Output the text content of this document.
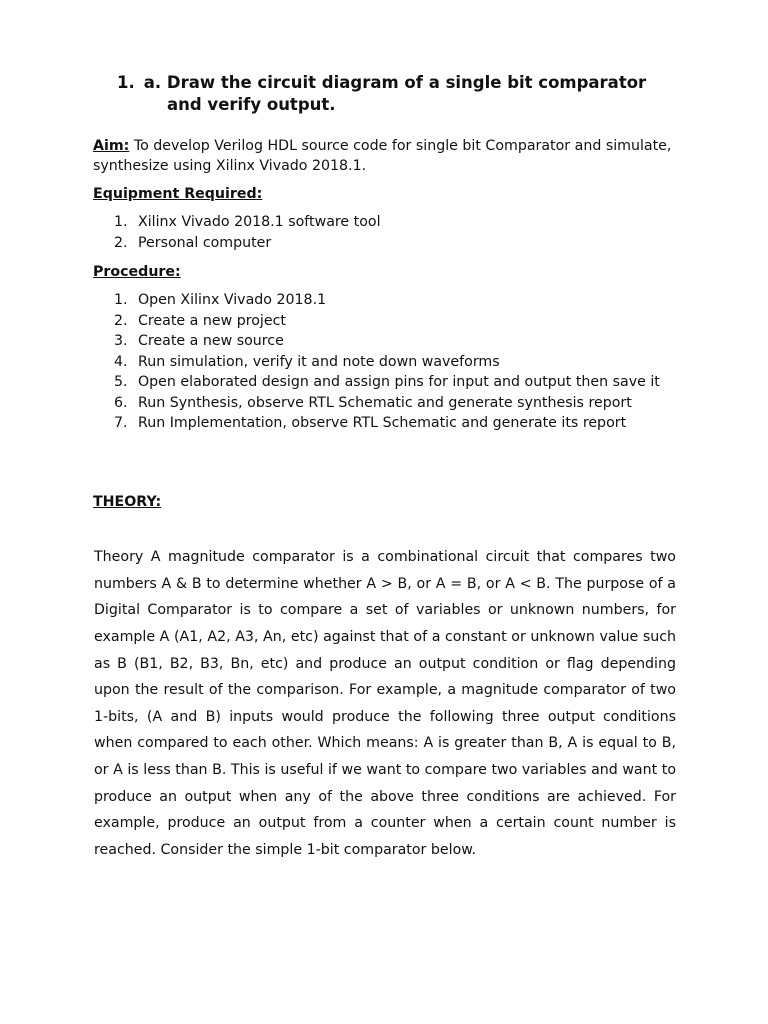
1. a. Draw the circuit diagram of a single bit comparator
and verify output.
Aim: To develop Verilog HDL source code for single bit Comparator and simulate, synthesize using Xilinx Vivado 2018.1.
Equipment Required:
1. Xilinx Vivado 2018.1 software tool
2. Personal computer
Procedure:
1. Open Xilinx Vivado 2018.1
2. Create a new project
3. Create a new source
4. Run simulation, verify it and note down waveforms
5. Open elaborated design and assign pins for input and output then save it
6. Run Synthesis, observe RTL Schematic and generate synthesis report
7. Run Implementation, observe RTL Schematic and generate its report
THEORY:

Theory A magnitude comparator is a combinational circuit that compares two numbers A & B to determine whether A > B, or A = B, or A < B. The purpose of a Digital Comparator is to compare a set of variables or unknown numbers, for example A (A1, A2, A3, An, etc) against that of a constant or unknown value such as B (B1, B2, B3, Bn, etc) and produce an output condition or flag depending upon the result of the comparison. For example, a magnitude comparator of two 1-bits, (A and B) inputs would produce the following three output conditions when compared to each other. Which means: A is greater than B, A is equal to B, or A is less than B. This is useful if we want to compare two variables and want to produce an output when any of the above three conditions are achieved. For example, produce an output from a counter when a certain count number is reached. Consider the simple 1-bit comparator below.
